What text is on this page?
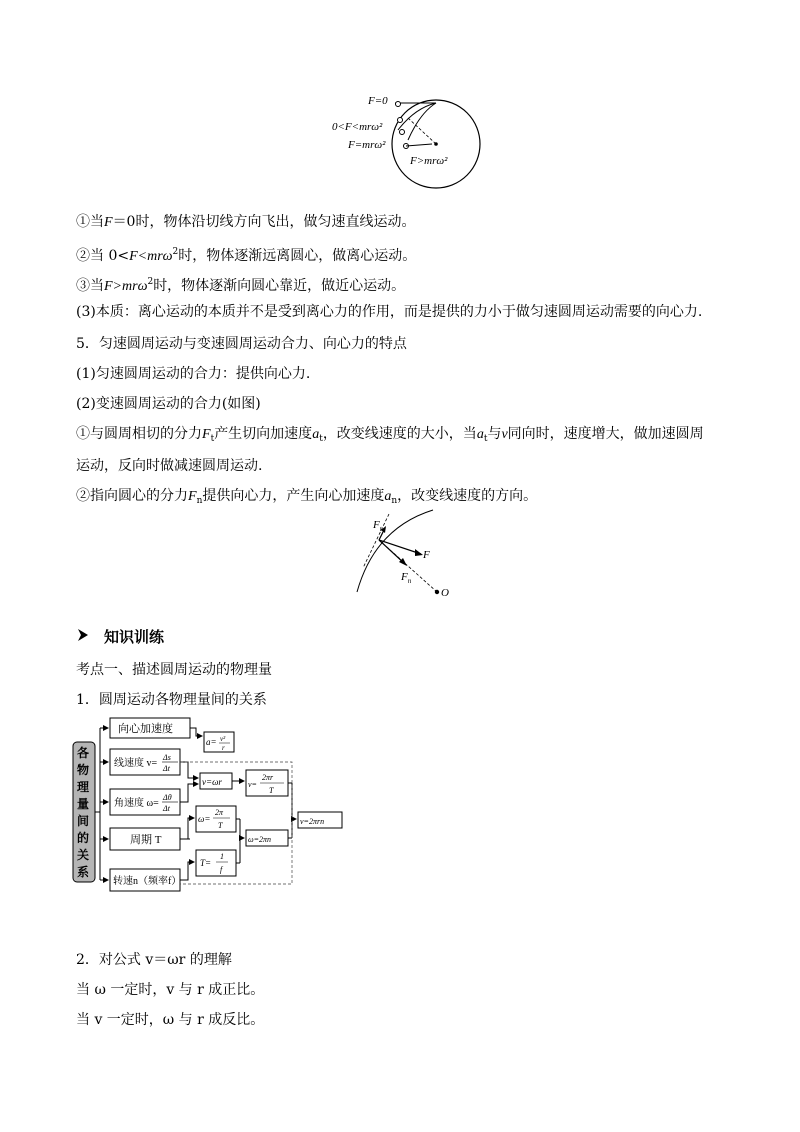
F=0
0<F<mrω²
F=mrω²
F>mrω²
①当F＝0时，物体沿切线方向飞出，做匀速直线运动。
②当 0<F<mrω$^2$时，物体逐渐远离圆心，做离心运动。
③当F>mrω$^2$时，物体逐渐向圆心靠近，做近心运动。
(3)本质：离心运动的本质并不是受到离心力的作用，而是提供的力小于做匀速圆周运动需要的向心力.
5．匀速圆周运动与变速圆周运动合力、向心力的特点
(1)匀速圆周运动的合力：提供向心力.
(2)变速圆周运动的合力(如图)
①与圆周相切的分力$F_t$产生切向加速度$a_t$，改变线速度的大小，当$a_t$与v同向时，速度增大，做加速圆周
运动，反向时做减速圆周运动.
②指向圆心的分力$F_n$提供向心力，产生向心加速度$a_n$，改变线速度的方向。
$F_t$
F
$F_n$
O
知识训练
考点一、描述圆周运动的物理量
1．圆周运动各物理量间的关系
各
物
理
量
间
的
关
系
向心加速度
线速度 v=
Δs
Δt
角速度 ω=
Δθ
Δt
周期 T
转速n（频率f）
a= v²
r
v=ωr
ω=
2π
T
T=
1
f
v=
2πr
T
ω=2πn
v=2πrn
2．对公式 v＝ωr 的理解
当 ω 一定时，v 与 r 成正比。
当 v 一定时，ω 与 r 成反比。
